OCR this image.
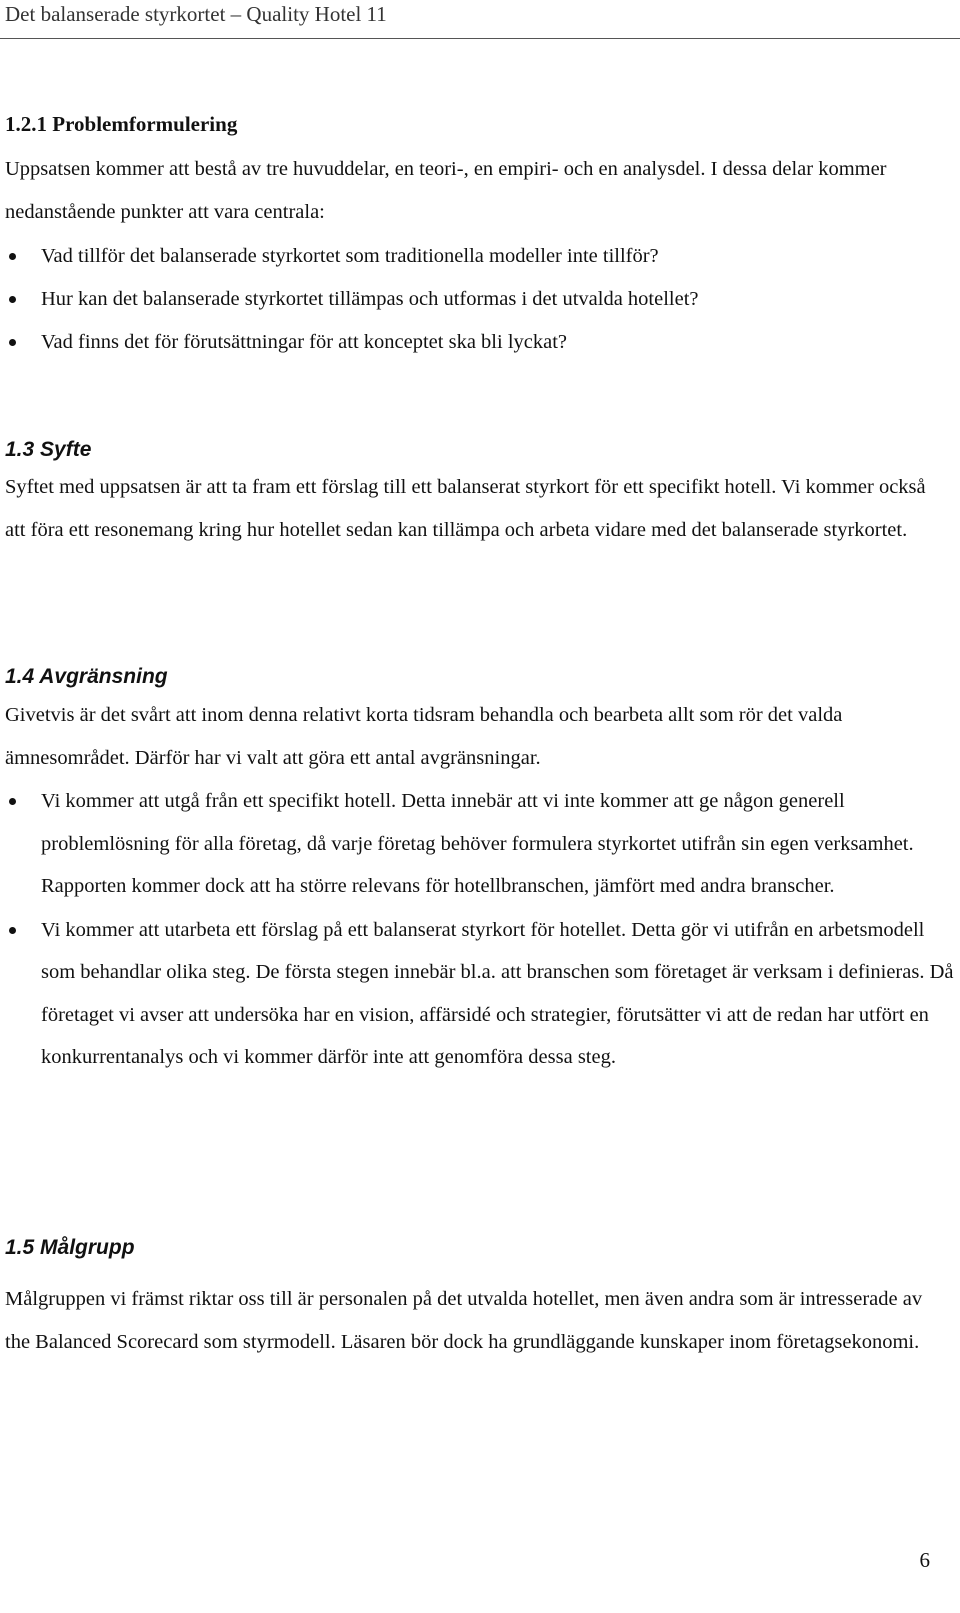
Det balanserade styrkortet – Quality Hotel 11
1.2.1 Problemformulering

Uppsatsen kommer att bestå av tre huvuddelar, en teori-, en empiri- och en analysdel. I dessa delar kommer nedanstående punkter att vara centrala:

Vad tillför det balanserade styrkortet som traditionella modeller inte tillför?
Hur kan det balanserade styrkortet tillämpas och utformas i det utvalda hotellet?
Vad finns det för förutsättningar för att konceptet ska bli lyckat?
1.3 Syfte

Syftet med uppsatsen är att ta fram ett förslag till ett balanserat styrkort för ett specifikt hotell. Vi kommer också att föra ett resonemang kring hur hotellet sedan kan tillämpa och arbeta vidare med det balanserade styrkortet.

1.4 Avgränsning

Givetvis är det svårt att inom denna relativt korta tidsram behandla och bearbeta allt som rör det valda ämnesområdet. Därför har vi valt att göra ett antal avgränsningar.

Vi kommer att utgå från ett specifikt hotell. Detta innebär att vi inte kommer att ge någon generell problemlösning för alla företag, då varje företag behöver formulera styrkortet utifrån sin egen verksamhet. Rapporten kommer dock att ha större relevans för hotellbranschen, jämfört med andra branscher.
Vi kommer att utarbeta ett förslag på ett balanserat styrkort för hotellet. Detta gör vi utifrån en arbetsmodell som behandlar olika steg. De första stegen innebär bl.a. att branschen som företaget är verksam i definieras. Då företaget vi avser att undersöka har en vision, affärsidé och strategier, förutsätter vi att de redan har utfört en konkurrentanalys och vi kommer därför inte att genomföra dessa steg.
1.5 Målgrupp

Målgruppen vi främst riktar oss till är personalen på det utvalda hotellet, men även andra som är intresserade av the Balanced Scorecard som styrmodell. Läsaren bör dock ha grundläggande kunskaper inom företagsekonomi.

6
